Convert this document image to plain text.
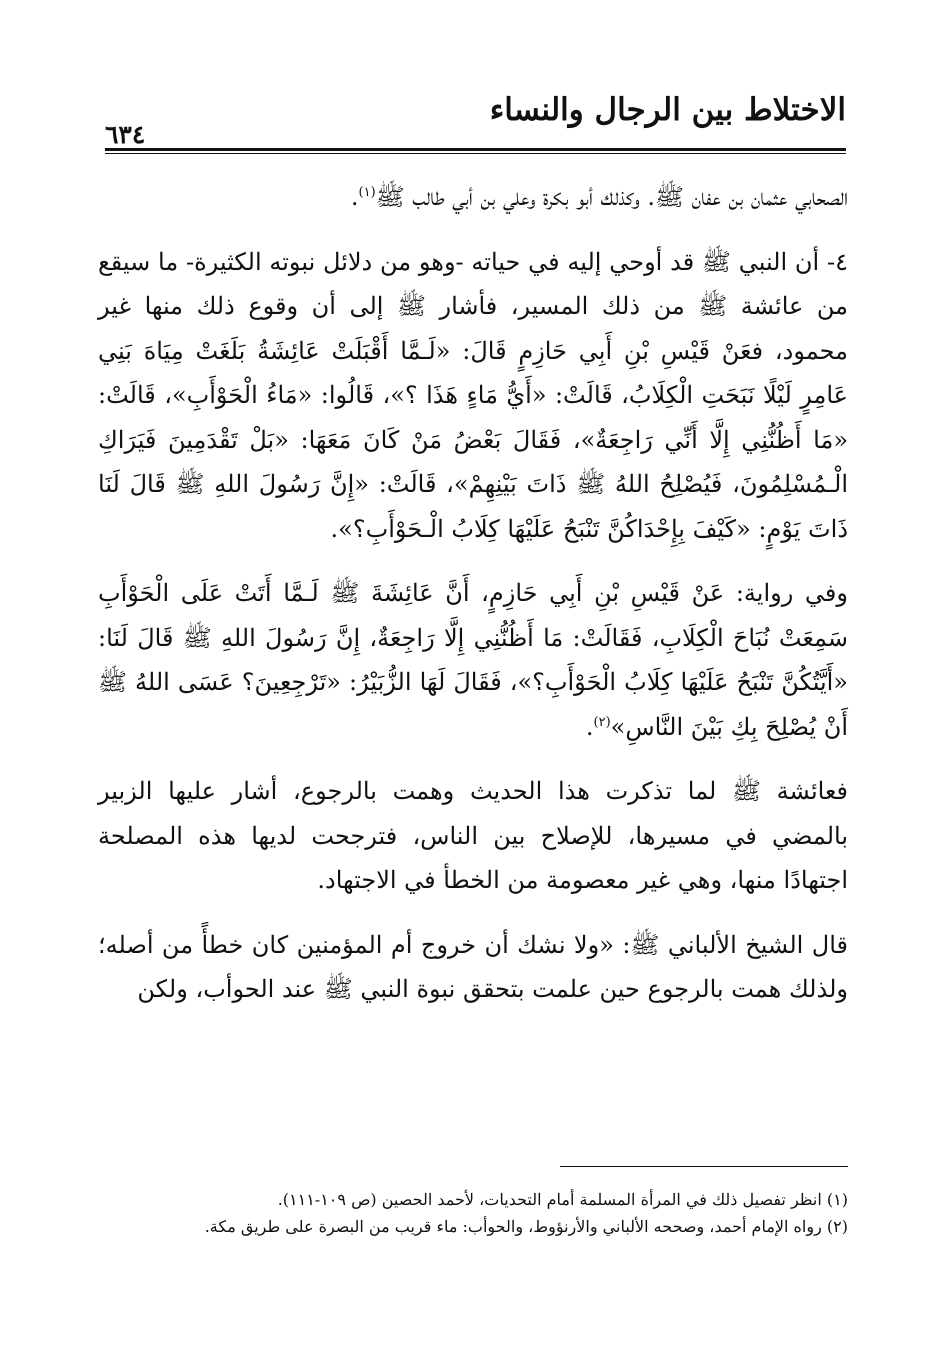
الاختلاط بين الرجال والنساء
٦٣٤

الصحابي عثمان بن عفان ﷺ. وكذلك أبو بكرة وعلي بن أبي طالب ﷺ$^{(١)}$.

٤- أن النبي ﷺ قد أوحي إليه في حياته -وهو من دلائل نبوته الكثيرة- ما سيقع من عائشة ﷺ من ذلك المسير، فأشار ﷺ إلى أن وقوع ذلك منها غير محمود، فعَنْ قَيْسِ بْنِ أَبِي حَازِمٍ قَالَ: «لَـمَّا أَقْبَلَتْ عَائِشَةُ بَلَغَتْ مِيَاهَ بَنِي عَامِرٍ لَيْلًا نَبَحَتِ الْكِلَابُ، قَالَتْ: «أَيُّ مَاءٍ هَذَا ؟»، قَالُوا: «مَاءُ الْحَوْأَبِ»، قَالَتْ: «مَا أَظُنُّنِي إِلَّا أَنِّي رَاجِعَةٌ»، فَقَالَ بَعْضُ مَنْ كَانَ مَعَهَا: «بَلْ تَقْدَمِينَ فَيَرَاكِ الْـمُسْلِمُونَ، فَيُصْلِحُ اللهُ ﷺ ذَاتَ بَيْنِهِمْ»، قَالَتْ: «إِنَّ رَسُولَ اللهِ ﷺ قَالَ لَنَا ذَاتَ يَوْمٍ: «كَيْفَ بِإِحْدَاكُنَّ تَنْبَحُ عَلَيْهَا كِلَابُ الْـحَوْأَبِ؟».

وفي رواية: عَنْ قَيْسِ بْنِ أَبِي حَازِمٍ، أَنَّ عَائِشَةَ ﷺ لَـمَّا أَتَتْ عَلَى الْحَوْأَبِ سَمِعَتْ نُبَاحَ الْكِلَابِ، فَقَالَتْ: مَا أَظُنُّنِي إِلَّا رَاجِعَةٌ، إِنَّ رَسُولَ اللهِ ﷺ قَالَ لَنَا: «أَيَّتُكُنَّ تَنْبَحُ عَلَيْهَا كِلَابُ الْحَوْأَبِ؟»، فَقَالَ لَهَا الزُّبَيْرُ: «تَرْجِعِينَ؟ عَسَى اللهُ ﷺ أَنْ يُصْلِحَ بِكِ بَيْنَ النَّاسِ»$^{(٢)}$.

فعائشة ﷺ لما تذكرت هذا الحديث وهمت بالرجوع، أشار عليها الزبير بالمضي في مسيرها، للإصلاح بين الناس، فترجحت لديها هذه المصلحة اجتهادًا منها، وهي غير معصومة من الخطأ في الاجتهاد.

قال الشيخ الألباني ﷺ: «ولا نشك أن خروج أم المؤمنين كان خطأً من أصله؛ ولذلك همت بالرجوع حين علمت بتحقق نبوة النبي ﷺ عند الحوأب، ولكن

(١) انظر تفصيل ذلك في المرأة المسلمة أمام التحديات، لأحمد الحصين (ص ١٠٩-١١١).
(٢) رواه الإمام أحمد، وصححه الألباني والأرنؤوط، والحوأب: ماء قريب من البصرة على طريق مكة.
